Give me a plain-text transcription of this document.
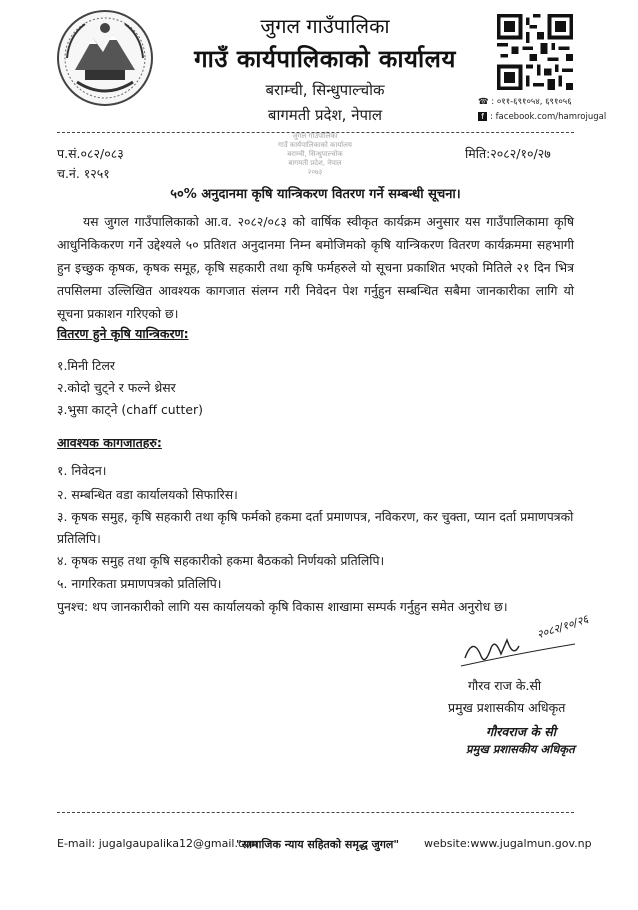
जुगल गाउँपालिका
गाउँ कार्यपालिकाको कार्यालय
बराम्ची, सिन्धुपाल्चोक
बागमती प्रदेश, नेपाल
☎ : ०११-६९१०५४, ६९१०५६
f : facebook.com/hamrojugal
जुगल गाउँपालिका
गाउँ कार्यपालिकाको कार्यालय
बराम्ची, सिन्धुपाल्चोक
बागमती प्रदेश, नेपाल
२०७३
प.सं.०८२/०८३
च.नं. १२५१
मिति:२०८२/१०/२७
५०% अनुदानमा कृषि यान्त्रिकरण वितरण गर्ने सम्बन्धी सूचना।
यस जुगल गाउँपालिकाको आ.व. २०८२/०८३ को वार्षिक स्वीकृत कार्यक्रम अनुसार यस गाउँपालिकामा कृषि आधुनिकिकरण गर्ने उद्देश्यले ५० प्रतिशत अनुदानमा निम्न बमोजिमको कृषि यान्त्रिकरण वितरण कार्यक्रममा सहभागी हुन इच्छुक कृषक, कृषक समूह, कृषि सहकारी तथा कृषि फर्महरुले यो सूचना प्रकाशित भएको मितिले २१ दिन भित्र तपसिलमा उल्लिखित आवश्यक कागजात संलग्न गरी निवेदन पेश गर्नुहुन सम्बन्धित सबैमा जानकारीका लागि यो सूचना प्रकाशन गरिएको छ।
वितरण हुने कृषि यान्त्रिकरण:
१.मिनी टिलर
२.कोदो चुट्ने र फल्ने थ्रेसर
३.भुसा काट्ने (chaff cutter)
आवश्यक कागजातहरु:
१. निवेदन।
२. सम्बन्धित वडा कार्यालयको सिफारिस।
३. कृषक समुह, कृषि सहकारी तथा कृषि फर्मको हकमा दर्ता प्रमाणपत्र, नविकरण, कर चुक्ता, प्यान दर्ता प्रमाणपत्रको प्रतिलिपि।
४. कृषक समुह तथा कृषि सहकारीको हकमा बैठकको निर्णयको प्रतिलिपि।
५. नागरिकता प्रमाणपत्रको प्रतिलिपि।
पुनश्च: थप जानकारीको लागि यस कार्यालयको कृषि विकास शाखामा सम्पर्क गर्नुहुन समेत अनुरोध छ।
२०८२/१०/२६
गौरव राज के.सी
प्रमुख प्रशासकीय अधिकृत
गौरवराज के सी
प्रमुख प्रशासकीय अधिकृत
E-mail: jugalgaupalika12@gmail.com
"सामाजिक न्याय सहितको समृद्ध जुगल" website:www.jugalmun.gov.np
